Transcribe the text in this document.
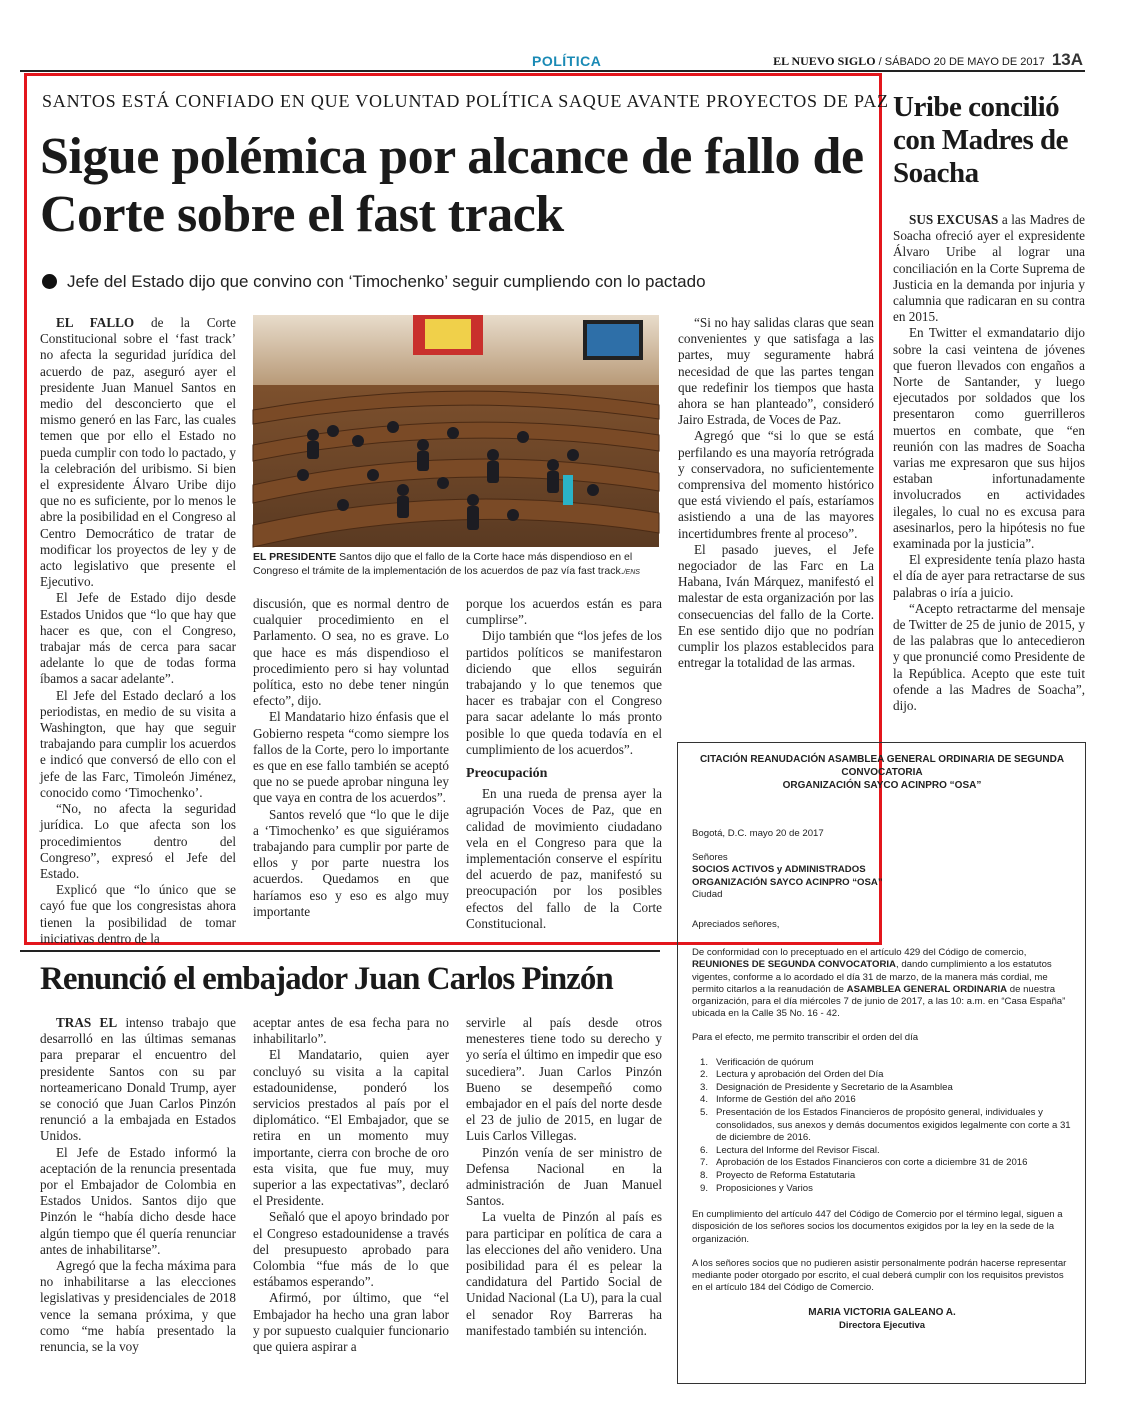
POLÍTICA	EL NUEVO SIGLO / SÁBADO 20 DE MAYO DE 2017 13A
SANTOS ESTÁ CONFIADO EN QUE VOLUNTAD POLÍTICA SAQUE AVANTE PROYECTOS DE PAZ
Sigue polémica por alcance de fallo de Corte sobre el fast track
Jefe del Estado dijo que convino con ‘Timochenko’ seguir cumpliendo con lo pactado

EL FALLO de la Corte Constitucional sobre el ‘fast track’ no afecta la seguridad jurídica del acuerdo de paz, aseguró ayer el presidente Juan Manuel Santos en medio del desconcierto que el mismo generó en las Farc, las cuales temen que por ello el Estado no pueda cumplir con todo lo pactado, y la celebración del uribismo. Si bien el expresidente Álvaro Uribe dijo que no es suficiente, por lo menos le abre la posibilidad en el Congreso al Centro Democrático de tratar de modificar los proyectos de ley y de acto legislativo que presente el Ejecutivo.

El Jefe de Estado dijo desde Estados Unidos que “lo que hay que hacer es que, con el Congreso, trabajar más de cerca para sacar adelante lo que de todas forma íbamos a sacar adelante”.

El Jefe del Estado declaró a los periodistas, en medio de su visita a Washington, que hay que seguir trabajando para cumplir los acuerdos e indicó que conversó de ello con el jefe de las Farc, Timoleón Jiménez, conocido como ‘Timochenko’.

“No, no afecta la seguridad jurídica. Lo que afecta son los procedimientos dentro del Congreso”, expresó el Jefe del Estado.

Explicó que “lo único que se cayó fue que los congresistas ahora tienen la posibilidad de tomar iniciativas dentro de la

EL PRESIDENTE Santos dijo que el fallo de la Corte hace más dispendioso en el Congreso el trámite de la implementación de los acuerdos de paz vía fast track./ENS

discusión, que es normal dentro de cualquier procedimiento en el Parlamento. O sea, no es grave. Lo que hace es más dispendioso el procedimiento pero si hay voluntad política, esto no debe tener ningún efecto”, dijo.

El Mandatario hizo énfasis que el Gobierno respeta “como siempre los fallos de la Corte, pero lo importante es que en ese fallo también se aceptó que no se puede aprobar ninguna ley que vaya en contra de los acuerdos”.

Santos reveló que “lo que le dije a ‘Timochenko’ es que siguiéramos trabajando para cumplir por parte de ellos y por parte nuestra los acuerdos. Quedamos en que haríamos eso y eso es algo muy importante

porque los acuerdos están es para cumplirse”.

Dijo también que “los jefes de los partidos políticos se manifestaron diciendo que ellos seguirán trabajando y lo que tenemos que hacer es trabajar con el Congreso para sacar adelante lo más pronto posible lo que queda todavía en el cumplimiento de los acuerdos”.

Preocupación

En una rueda de prensa ayer la agrupación Voces de Paz, que en calidad de movimiento ciudadano vela en el Congreso para que la implementación conserve el espíritu del acuerdo de paz, manifestó su preocupación por los posibles efectos del fallo de la Corte Constitucional.

“Si no hay salidas claras que sean convenientes y que satisfaga a las partes, muy seguramente habrá necesidad de que las partes tengan que redefinir los tiempos que hasta ahora se han planteado”, consideró Jairo Estrada, de Voces de Paz.

Agregó que “si lo que se está perfilando es una mayoría retrógrada y conservadora, no suficientemente comprensiva del momento histórico que está viviendo el país, estaríamos asistiendo a una de las mayores incertidumbres frente al proceso”.

El pasado jueves, el Jefe negociador de las Farc en La Habana, Iván Márquez, manifestó el malestar de esta organización por las consecuencias del fallo de la Corte. En ese sentido dijo que no podrían cumplir los plazos establecidos para entregar la totalidad de las armas.

Uribe concilió con Madres de Soacha

SUS EXCUSAS a las Madres de Soacha ofreció ayer el expresidente Álvaro Uribe al lograr una conciliación en la Corte Suprema de Justicia en la demanda por injuria y calumnia que radicaran en su contra en 2015.

En Twitter el exmandatario dijo sobre la casi veintena de jóvenes que fueron llevados con engaños a Norte de Santander, y luego ejecutados por soldados que los presentaron como guerrilleros muertos en combate, que “en reunión con las madres de Soacha varias me expresaron que sus hijos estaban infortunadamente involucrados en actividades ilegales, lo cual no es excusa para asesinarlos, pero la hipótesis no fue examinada por la justicia”.

El expresidente tenía plazo hasta el día de ayer para retractarse de sus palabras o iría a juicio.

“Acepto retractarme del mensaje de Twitter de 25 de junio de 2015, y de las palabras que lo antecedieron y que pronuncié como Presidente de la República. Acepto que este tuit ofende a las Madres de Soacha”, dijo.

Renunció el embajador Juan Carlos Pinzón

TRAS EL intenso trabajo que desarrolló en las últimas semanas para preparar el encuentro del presidente Santos con su par norteamericano Donald Trump, ayer se conoció que Juan Carlos Pinzón renunció a la embajada en Estados Unidos.

El Jefe de Estado informó la aceptación de la renuncia presentada por el Embajador de Colombia en Estados Unidos. Santos dijo que Pinzón le “había dicho desde hace algún tiempo que él quería renunciar antes de inhabilitarse”.

Agregó que la fecha máxima para no inhabilitarse a las elecciones legislativas y presidenciales de 2018 vence la semana próxima, y que como “me había presentado la renuncia, se la voy

aceptar antes de esa fecha para no inhabilitarlo”.

El Mandatario, quien ayer concluyó su visita a la capital estadounidense, ponderó los servicios prestados al país por el diplomático. “El Embajador, que se retira en un momento muy importante, cierra con broche de oro esta visita, que fue muy, muy superior a las expectativas”, declaró el Presidente.

Señaló que el apoyo brindado por el Congreso estadounidense a través del presupuesto aprobado para Colombia “fue más de lo que estábamos esperando”.

Afirmó, por último, que “el Embajador ha hecho una gran labor y por supuesto cualquier funcionario que quiera aspirar a

servirle al país desde otros menesteres tiene todo su derecho y yo sería el último en impedir que eso sucediera”. Juan Carlos Pinzón Bueno se desempeñó como embajador en el país del norte desde el 23 de julio de 2015, en lugar de Luis Carlos Villegas.

Pinzón venía de ser ministro de Defensa Nacional en la administración de Juan Manuel Santos.

La vuelta de Pinzón al país es para participar en política de cara a las elecciones del año venidero. Una posibilidad para él es pelear la candidatura del Partido Social de Unidad Nacional (La U), para la cual el senador Roy Barreras ha manifestado también su intención.

CITACIÓN REANUDACIÓN ASAMBLEA GENERAL ORDINARIA DE SEGUNDA CONVOCATORIA
ORGANIZACIÓN SAYCO ACINPRO “OSA”
Bogotá, D.C. mayo 20 de 2017
Señores
SOCIOS ACTIVOS y ADMINISTRADOS
ORGANIZACIÓN SAYCO ACINPRO “OSA”
Ciudad
Apreciados señores,
De conformidad con lo preceptuado en el artículo 429 del Código de comercio, REUNIONES DE SEGUNDA CONVOCATORIA, dando cumplimiento a los estatutos vigentes, conforme a lo acordado el día 31 de marzo, de la manera más cordial, me permito citarlos a la reanudación de ASAMBLEA GENERAL ORDINARIA de nuestra organización, para el día miércoles 7 de junio de 2017, a las 10: a.m. en “Casa España” ubicada en la Calle 35 No. 16 - 42.
Para el efecto, me permito transcribir el orden del día
1. Verificación de quórum
2. Lectura y aprobación del Orden del Día
3. Designación de Presidente y Secretario de la Asamblea
4. Informe de Gestión del año 2016
5. Presentación de los Estados Financieros de propósito general, individuales y consolidados, sus anexos y demás documentos exigidos legalmente con corte a 31 de diciembre de 2016.
6. Lectura del Informe del Revisor Fiscal.
7. Aprobación de los Estados Financieros con corte a diciembre 31 de 2016
8. Proyecto de Reforma Estatutaria
9. Proposiciones y Varios
En cumplimiento del artículo 447 del Código de Comercio por el término legal, siguen a disposición de los señores socios los documentos exigidos por la ley en la sede de la organización.
A los señores socios que no pudieren asistir personalmente podrán hacerse representar mediante poder otorgado por escrito, el cual deberá cumplir con los requisitos previstos en el artículo 184 del Código de Comercio.
MARIA VICTORIA GALEANO A.
Directora Ejecutiva
